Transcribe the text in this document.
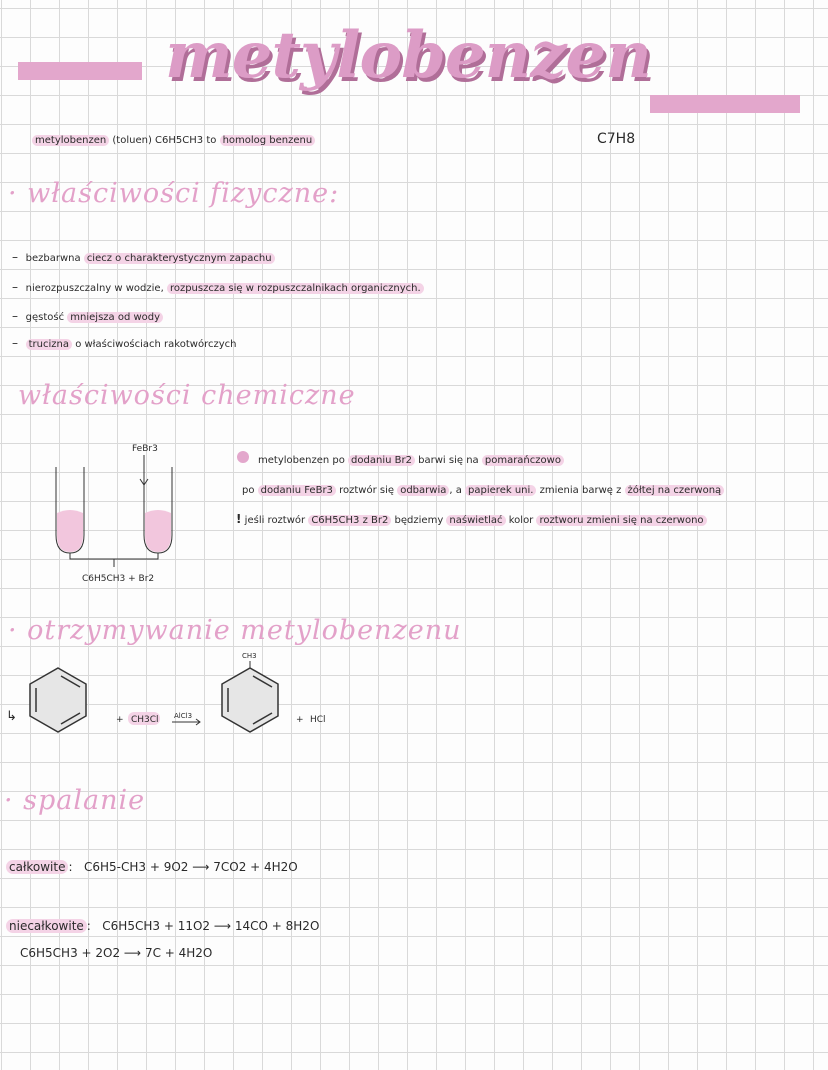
metylobenzen
metylobenzen (toluen) C6H5CH3 to homolog benzenu	C7H8
· właściwości fizyczne:
–  bezbarwna ciecz o charakterystycznym zapachu
–  nierozpuszczalny w wodzie, rozpuszcza się w rozpuszczalnikach organicznych.
–  gęstość mniejsza od wody
–  trucizna o właściwościach rakotwórczych
właściwości chemiczne
FeBr3
C6H5CH3 + Br2
metylobenzen po dodaniu Br2 barwi się na pomarańczowo
po dodaniu FeBr3 roztwór się odbarwia , a papierek uni. zmienia barwę z żółtej na czerwoną
! jeśli roztwór C6H5CH3 z Br2 będziemy naświetlać kolor roztworu zmieni się na czerwono
· otrzymywanie metylobenzenu
↳	+ CH3Cl AlCl3
CH3
+ HCl
· spalanie
całkowite :   C6H5-CH3 + 9O2 ⟶ 7CO2 + 4H2O
niecałkowite :   C6H5CH3 + 11O2 ⟶ 14CO + 8H2O
C6H5CH3 + 2O2 ⟶ 7C + 4H2O
